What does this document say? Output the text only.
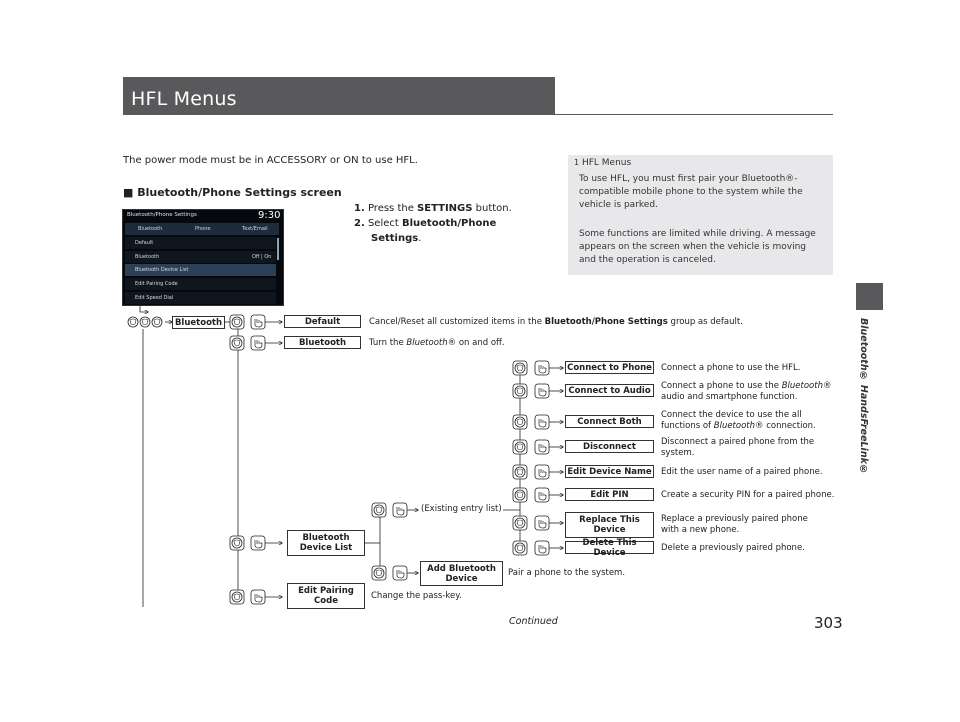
HFL Menus
Bluetooth® HandsFreeLink®
The power mode must be in ACCESSORY or ON to use HFL.
■ Bluetooth/Phone Settings screen
1. Press the SETTINGS button.
2. Select Bluetooth/Phone
Settings.
1 HFL Menus
To use HFL, you must first pair your Bluetooth®-compatible mobile phone to the system while the vehicle is parked.
Some functions are limited while driving. A message appears on the screen when the vehicle is moving and the operation is canceled.
Bluetooth/Phone Settings	9:30
Bluetooth	Phone	Text/Email
Default
Bluetooth	Off | On
Bluetooth Device List
Edit Pairing Code
Edit Speed Dial
Bluetooth	Default
Bluetooth
Bluetooth
Device List
Edit Pairing
Code
(Existing entry list)
Add Bluetooth
Device
Connect to Phone
Connect to Audio
Connect Both
Disconnect
Edit Device Name
Edit PIN
Replace This
Device
Delete This Device
Cancel/Reset all customized items in the Bluetooth/Phone Settings group as default.
Turn the Bluetooth® on and off.
Change the pass-key.
Pair a phone to the system.
Connect a phone to use the HFL.
Connect a phone to use the Bluetooth®
audio and smartphone function.
Connect the device to use the all
functions of Bluetooth® connection.
Disconnect a paired phone from the
system.
Edit the user name of a paired phone.
Create a security PIN for a paired phone.
Replace a previously paired phone
with a new phone.
Delete a previously paired phone.
Continued	303
